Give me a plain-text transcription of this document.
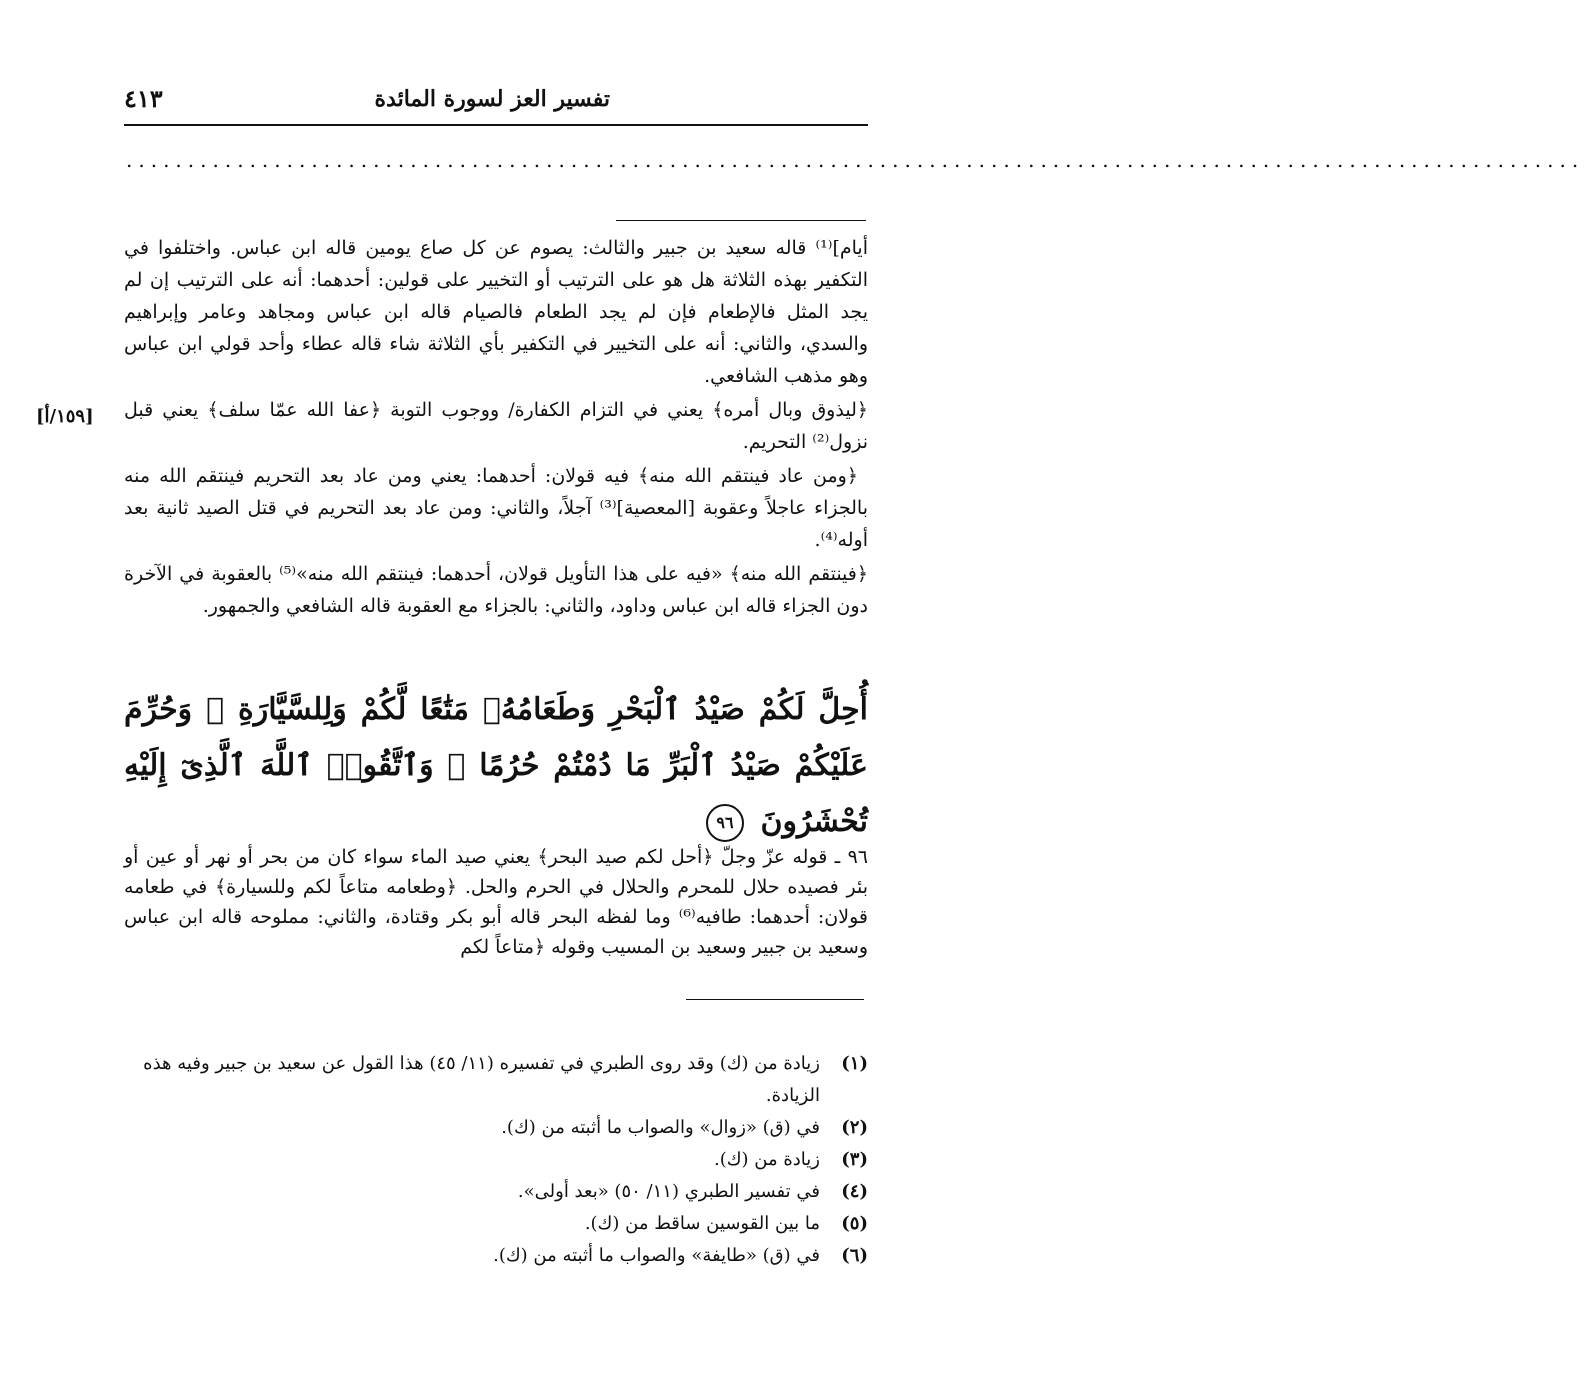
تفسير العز لسورة المائدة
٤١٣
......................................................................................................................
[١٥٩/أ]

أيام]⁽¹⁾ قاله سعيد بن جبير والثالث: يصوم عن كل صاع يومين قاله ابن عباس. واختلفوا في التكفير بهذه الثلاثة هل هو على الترتيب أو التخيير على قولين: أحدهما: أنه على الترتيب إن لم يجد المثل فالإطعام فإن لم يجد الطعام فالصيام قاله ابن عباس ومجاهد وعامر وإبراهيم والسدي، والثاني: أنه على التخيير في التكفير بأي الثلاثة شاء قاله عطاء وأحد قولي ابن عباس وهو مذهب الشافعي.

﴿ليذوق وبال أمره﴾ يعني في التزام الكفارة/ ووجوب التوبة ﴿عفا الله عمّا سلف﴾ يعني قبل نزول⁽²⁾ التحريم.

﴿ومن عاد فينتقم الله منه﴾ فيه قولان: أحدهما: يعني ومن عاد بعد التحريم فينتقم الله منه بالجزاء عاجلاً وعقوبة [المعصية]⁽³⁾ آجلاً، والثاني: ومن عاد بعد التحريم في قتل الصيد ثانية بعد أوله⁽⁴⁾.

﴿فينتقم الله منه﴾ «فيه على هذا التأويل قولان، أحدهما: فينتقم الله منه»⁽⁵⁾ بالعقوبة في الآخرة دون الجزاء قاله ابن عباس وداود، والثاني: بالجزاء مع العقوبة قاله الشافعي والجمهور.

أُحِلَّ لَكُمْ صَيْدُ ٱلْبَحْرِ وَطَعَامُهُۥ مَتَٰعًا لَّكُمْ وَلِلسَّيَّارَةِ ۖ وَحُرِّمَ عَلَيْكُمْ صَيْدُ ٱلْبَرِّ مَا دُمْتُمْ حُرُمًا ۗ وَٱتَّقُوا۟ ٱللَّهَ ٱلَّذِىٓ إِلَيْهِ تُحْشَرُونَ ٩٦
٩٦ ـ قوله عزّ وجلّ ﴿أحل لكم صيد البحر﴾ يعني صيد الماء سواء كان من بحر أو نهر أو عين أو بئر فصيده حلال للمحرم والحلال في الحرم والحل. ﴿وطعامه متاعاً لكم وللسيارة﴾ في طعامه قولان: أحدهما: طافيه⁽⁶⁾ وما لفظه البحر قاله أبو بكر وقتادة، والثاني: مملوحه قاله ابن عباس وسعيد بن جبير وسعيد بن المسيب وقوله ﴿متاعاً لكم
(١)
زيادة من (ك) وقد روى الطبري في تفسيره (١١/ ٤٥) هذا القول عن سعيد بن جبير وفيه هذه الزيادة.
(٢)
في (ق) «زوال» والصواب ما أثبته من (ك).
(٣)
زيادة من (ك).
(٤)
في تفسير الطبري (١١/ ٥٠) «بعد أولى».
(٥)
ما بين القوسين ساقط من (ك).
(٦)
في (ق) «طايفة» والصواب ما أثبته من (ك).
